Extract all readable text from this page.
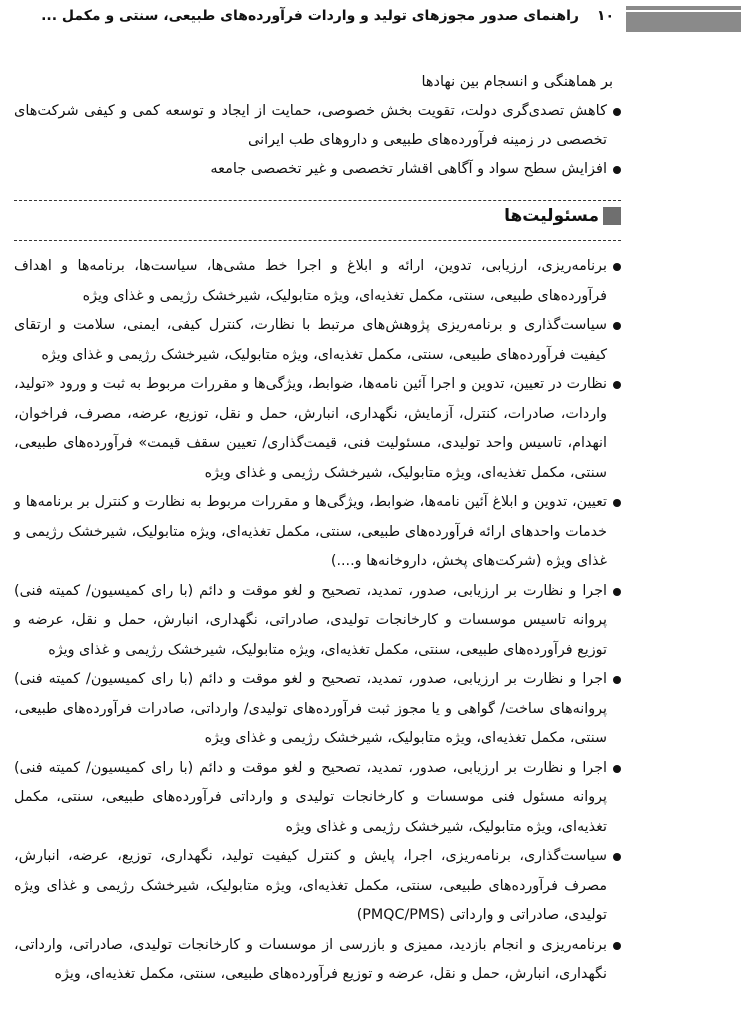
۱۰
راهنمای صدور مجوزهای تولید و واردات فرآورده‌های طبیعی، سنتی و مکمل ...

بر هماهنگی و انسجام بین نهادها

کاهش تصدی‌گری دولت، تقویت بخش خصوصی، حمایت از ایجاد و توسعه کمی و کیفی شرکت‌های تخصصی در زمینه فرآورده‌های طبیعی و داروهای طب ایرانی
افزایش سطح سواد و آگاهی اقشار تخصصی و غیر تخصصی جامعه
مسئولیت‌ها
برنامه‌ریزی، ارزیابی، تدوین، ارائه و ابلاغ و اجرا خط مشی‌ها، سیاست‌ها، برنامه‌ها و اهداف فرآورده‌های طبیعی، سنتی، مکمل تغذیه‌ای، ویژه متابولیک، شیرخشک رژیمی و غذای ویژه
سیاست‌گذاری و برنامه‌ریزی پژوهش‌های مرتبط با نظارت، کنترل کیفی، ایمنی، سلامت و ارتقای کیفیت فرآورده‌های طبیعی، سنتی، مکمل تغذیه‌ای، ویژه متابولیک، شیرخشک رژیمی و غذای ویژه
نظارت در تعیین، تدوین و اجرا آئین نامه‌ها، ضوابط، ویژگی‌ها و مقررات مربوط به ثبت و ورود «تولید، واردات، صادرات، کنترل، آزمایش، نگهداری، انبارش، حمل و نقل، توزیع، عرضه، مصرف، فراخوان، انهدام، تاسیس واحد تولیدی، مسئولیت فنی، قیمت‌گذاری/ تعیین سقف قیمت» فرآورده‌های طبیعی، سنتی، مکمل تغذیه‌ای، ویژه متابولیک، شیرخشک رژیمی و غذای ویژه
تعیین، تدوین و ابلاغ آئین نامه‌ها، ضوابط، ویژگی‌ها و مقررات مربوط به نظارت و کنترل بر برنامه‌ها و خدمات واحدهای ارائه فرآورده‌های طبیعی، سنتی، مکمل تغذیه‌ای، ویژه متابولیک، شیرخشک رژیمی و غذای ویژه (شرکت‌های پخش، داروخانه‌ها و....)
اجرا و نظارت بر ارزیابی، صدور، تمدید، تصحیح و لغو موقت و دائم (با رای کمیسیون/ کمیته فنی) پروانه تاسیس موسسات و کارخانجات تولیدی، صادراتی، نگهداری، انبارش، حمل و نقل، عرضه و توزیع فرآورده‌های طبیعی، سنتی، مکمل تغذیه‌ای، ویژه متابولیک، شیرخشک رژیمی و غذای ویژه
اجرا و نظارت بر ارزیابی، صدور، تمدید، تصحیح و لغو موقت و دائم (با رای کمیسیون/ کمیته فنی) پروانه‌های ساخت/ گواهی و یا مجوز ثبت فرآورده‌های تولیدی/ وارداتی، صادرات فرآورده‌های طبیعی، سنتی، مکمل تغذیه‌ای، ویژه متابولیک، شیرخشک رژیمی و غذای ویژه
اجرا و نظارت بر ارزیابی، صدور، تمدید، تصحیح و لغو موقت و دائم (با رای کمیسیون/ کمیته فنی) پروانه مسئول فنی موسسات و کارخانجات تولیدی و وارداتی فرآورده‌های طبیعی، سنتی، مکمل تغذیه‌ای، ویژه متابولیک، شیرخشک رژیمی و غذای ویژه
سیاست‌گذاری، برنامه‌ریزی، اجرا، پایش و کنترل کیفیت تولید، نگهداری، توزیع، عرضه، انبارش، مصرف فرآورده‌های طبیعی، سنتی، مکمل تغذیه‌ای، ویژه متابولیک، شیرخشک رژیمی و غذای ویژه تولیدی، صادراتی و وارداتی (PMQC/PMS)
برنامه‌ریزی و انجام بازدید، ممیزی و بازرسی از موسسات و کارخانجات تولیدی، صادراتی، وارداتی، نگهداری، انبارش، حمل و نقل، عرضه و توزیع فرآورده‌های طبیعی، سنتی، مکمل تغذیه‌ای، ویژه
